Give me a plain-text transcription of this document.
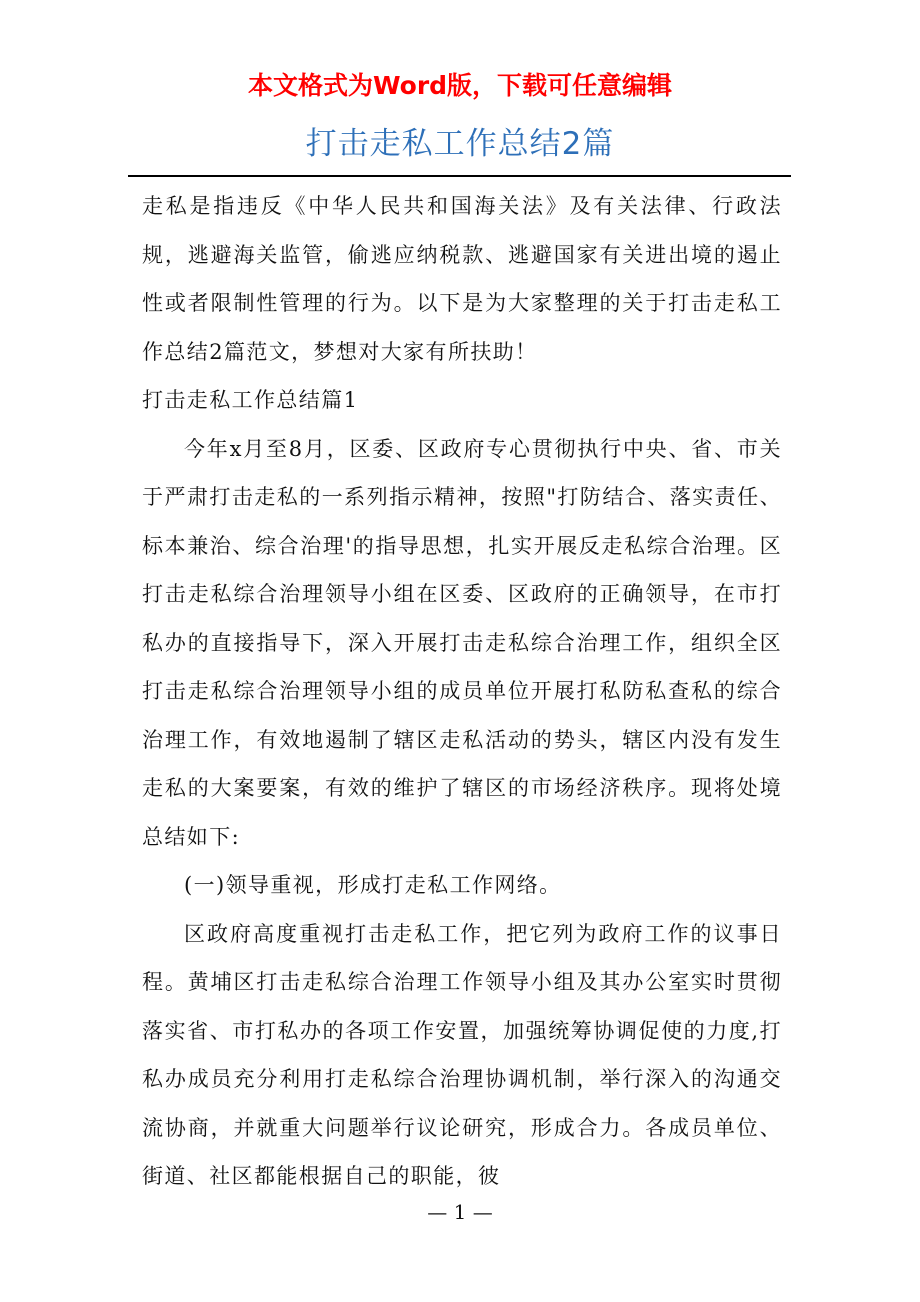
本文格式为Word版，下载可任意编辑
打击走私工作总结2篇

走私是指违反《中华人民共和国海关法》及有关法律、行政法规，逃避海关监管，偷逃应纳税款、逃避国家有关进出境的遏止性或者限制性管理的行为。以下是为大家整理的关于打击走私工作总结2篇范文，梦想对大家有所扶助！

打击走私工作总结篇1

今年x月至8月，区委、区政府专心贯彻执行中央、省、市关于严肃打击走私的一系列指示精神，按照"打防结合、落实责任、标本兼治、综合治理'的指导思想，扎实开展反走私综合治理。区打击走私综合治理领导小组在区委、区政府的正确领导，在市打私办的直接指导下，深入开展打击走私综合治理工作，组织全区打击走私综合治理领导小组的成员单位开展打私防私查私的综合治理工作，有效地遏制了辖区走私活动的势头，辖区内没有发生走私的大案要案，有效的维护了辖区的市场经济秩序。现将处境总结如下:

(一)领导重视，形成打走私工作网络。

区政府高度重视打击走私工作，把它列为政府工作的议事日程。黄埔区打击走私综合治理工作领导小组及其办公室实时贯彻落实省、市打私办的各项工作安置，加强统筹协调促使的力度,打私办成员充分利用打走私综合治理协调机制，举行深入的沟通交流协商，并就重大问题举行议论研究，形成合力。各成员单位、街道、社区都能根据自己的职能，彼

— 1 —
